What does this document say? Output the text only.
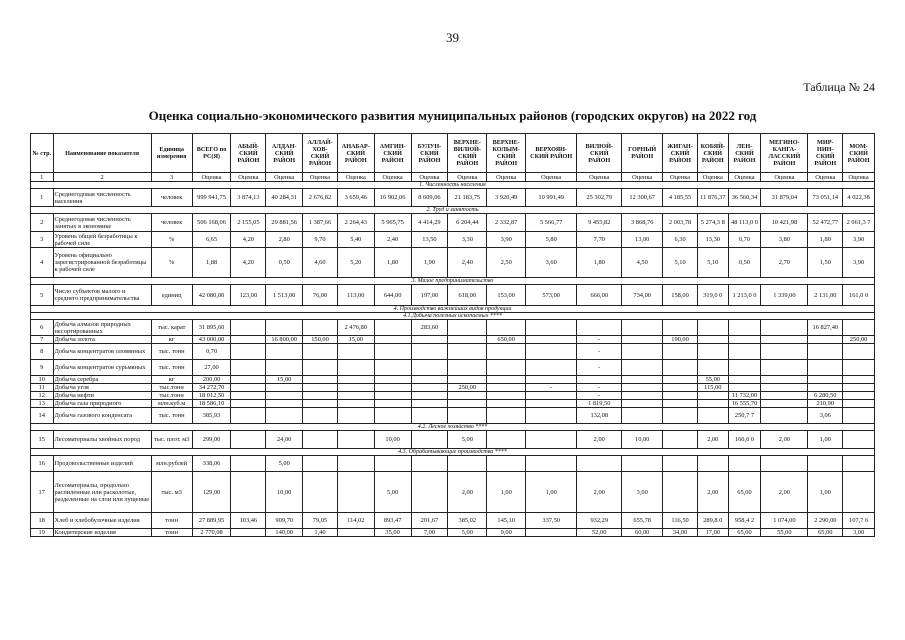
39
Таблица № 24
Оценка социально-экономического развития муниципальных районов (городских округов) на 2022 год
№ стр.	Наименование показателя	Единица измерения	ВСЕГО по РС(Я)	АБЫЙ-СКИЙ РАЙОН	АЛДАН-СКИЙ РАЙОН	АЛЛАЙ-ХОВ-СКИЙ РАЙОН	АНАБАР-СКИЙ РАЙОН	АМГИН-СКИЙ РАЙОН	БУЛУН-СКИЙ РАЙОН	ВЕРХНЕ-ВИЛЮЙ-СКИЙ РАЙОН	ВЕРХНЕ-КОЛЫМ-СКИЙ РАЙОН	ВЕРХОЯН-СКИЙ РАЙОН	ВИЛЮЙ-СКИЙ РАЙОН	ГОРНЫЙ РАЙОН	ЖИГАН-СКИЙ РАЙОН	КОБЯЙ-СКИЙ РАЙОН	ЛЕН-СКИЙ РАЙОН	МЕГИНО-КАНГА-ЛАССКИЙ РАЙОН	МИР-НИН-СКИЙ РАЙОН	МОМ-СКИЙ РАЙОН
1	2	3	Оценка	Оценка	Оценка	Оценка	Оценка	Оценка	Оценка	Оценка	Оценка	Оценка	Оценка	Оценка	Оценка	Оценка	Оценка	Оценка	Оценка	Оценка
1. Численность населения																				
1	Среднегодовая численность населения	человек	999 941,75	3 874,13	40 284,31	2 676,82	3 659,46	16 902,06	8 609,06	21 183,75	3 920,49	10 991,49	25 302,79	12 300,67	4 185,55	11 876,37	36 560,34	31 879,04	73 051,14	4 022,38
2. Труд и занятость																				
2	Среднегодовая численность занятых в экономике	человек	506 168,06	2 155,05	29 881,56	1 387,66	2 264,43	5 965,75	4 414,29	6 204,44	2 332,87	5 566,77	9 455,82	3 868,76	2 003,78	5 274,3 8	48 113,0 0	10 421,98	52 472,77	2 061,3 7
3	Уровень общей безработицы к рабочей силе	%	6,65	4,20	2,80	9,70	5,40	2,40	13,50	3,30	3,90	5,80	7,70	13,00	6,30	13,30	0,70	3,80	1,80	3,90
4	Уровень официально зарегистрированной безработицы к рабочей силе	%	1,88	4,20	0,50	4,60	5,20	1,80	1,90	2,40	2,50	3,60	1,80	4,50	5,10	5,10	0,50	2,70	1,50	3,90
3. Малое предпринимательство																				
5	Число субъектов малого и среднего предпринимательства	единиц	42 080,00	123,00	1 513,00	76,00	113,00	644,00	197,00	618,00	153,00	573,00	666,00	734,00	158,00	319,0 0	1 213,0 0	1 339,00	2 131,00	161,0 0
4. Производство важнейших видов продукции																				
4.1.Добыча полезных ископаемых ****																				
6	Добыча алмазов природных несортированных	тыс. карат	31 895,60				2 476,80		283,60										16 827,40	
7	Добыча золота	кг	43 000,00		16 800,00	150,00	15,00				650,00		-		190,00					250,00
8	Добыча концентратов оловянных	тыс. тонн	0,70										-							
9	Добыча концентратов сурьмяных	тыс. тонн	27,00										-							
10	Добыча серебра	кг	200,00		15,00											55,00				
11	Добыча угля	тыс.тонн	34 272,70							250,00		-	-			115,00				
12	Добыча нефти	тыс.тонн	18 012,50										-				11 732,00		6 280,50	
13	Добыча газа природного	млн.куб.м	18 586,10										1 819,50				16 555,70		210,90	
14	Добыча газового конденсата	тыс. тонн	385,93										132,08				250,7 7		3,06	
4.2. Лесное хозяйство ****																				
15	Лесоматериалы хвойных пород	тыс. плот. м3	299,00		24,00			10,00		5,00			2,00	10,00		2,00	160,0 0	2,00	1,00	
4.3. Обрабатывающие производства ****																				
16	Продовольственные изделий	млн.рублей	338,06		5,00															
17	Лесоматериалы, продольно распиленные или расколотые, разделенные на слои или лущеные	тыс. м3	129,00		10,00			5,00		2,00	1,00	1,00	2,00	3,00		2,00	65,00	2,00	1,00	
18	Хлеб и хлебобулочные изделия	тонн	27 889,95	103,46	909,70	79,05	114,02	893,47	201,67	385,02	145,10	337,50	932,29	655,78	116,50	289,8 0	958,4 2	1 074,00	2 290,00	107,7 6
19	Кондитерские изделия	тонн	2 770,08		140,00	1,40		35,00	7,00	5,00	9,00		52,00	60,00	34,00	17,00	65,00	55,00	65,00	3,00
